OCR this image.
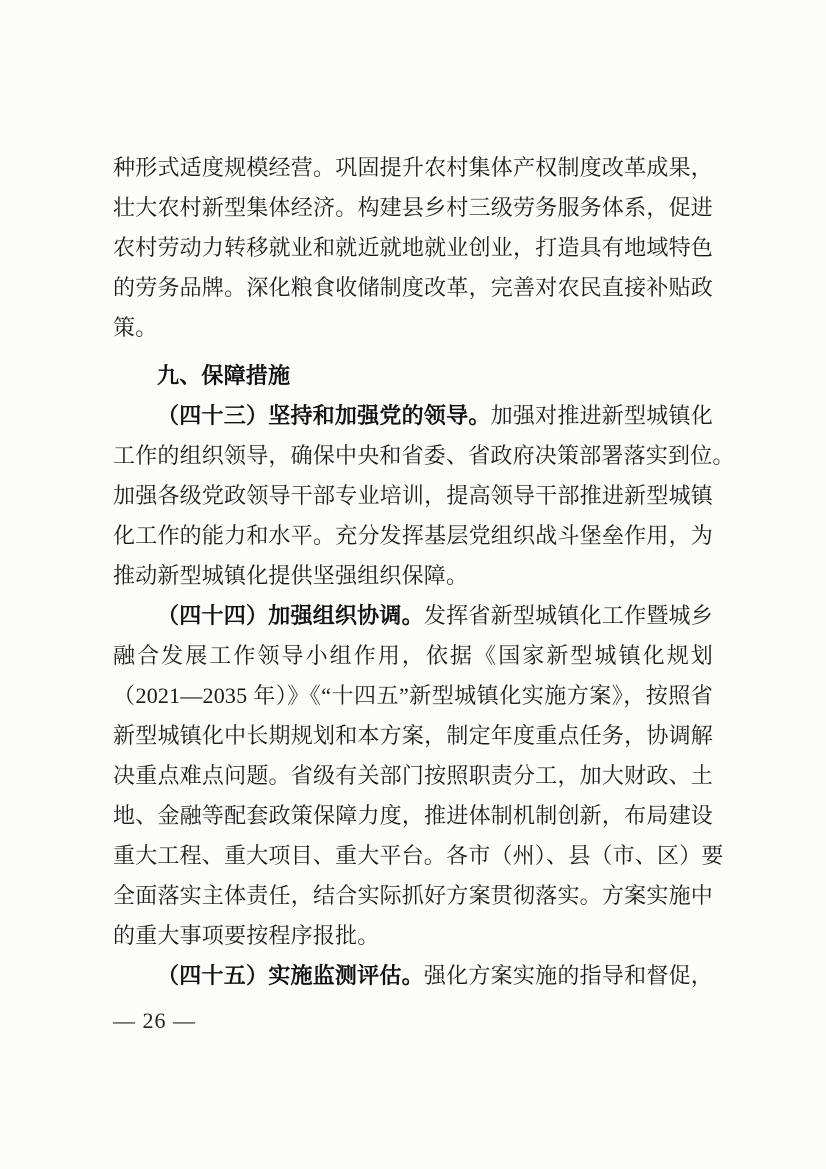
种形式适度规模经营。巩固提升农村集体产权制度改革成果，
壮大农村新型集体经济。构建县乡村三级劳务服务体系，促进
农村劳动力转移就业和就近就地就业创业，打造具有地域特色
的劳务品牌。深化粮食收储制度改革，完善对农民直接补贴政
策。
九、保障措施
（四十三）坚持和加强党的领导。加强对推进新型城镇化
工作的组织领导，确保中央和省委、省政府决策部署落实到位。
加强各级党政领导干部专业培训，提高领导干部推进新型城镇
化工作的能力和水平。充分发挥基层党组织战斗堡垒作用，为
推动新型城镇化提供坚强组织保障。
（四十四）加强组织协调。发挥省新型城镇化工作暨城乡
融合发展工作领导小组作用，依据《国家新型城镇化规划
（2021—2035 年）》《“十四五”新型城镇化实施方案》，按照省
新型城镇化中长期规划和本方案，制定年度重点任务，协调解
决重点难点问题。省级有关部门按照职责分工，加大财政、土
地、金融等配套政策保障力度，推进体制机制创新，布局建设
重大工程、重大项目、重大平台。各市（州）、县（市、区）要
全面落实主体责任，结合实际抓好方案贯彻落实。方案实施中
的重大事项要按程序报批。
（四十五）实施监测评估。强化方案实施的指导和督促，
— 26 —
